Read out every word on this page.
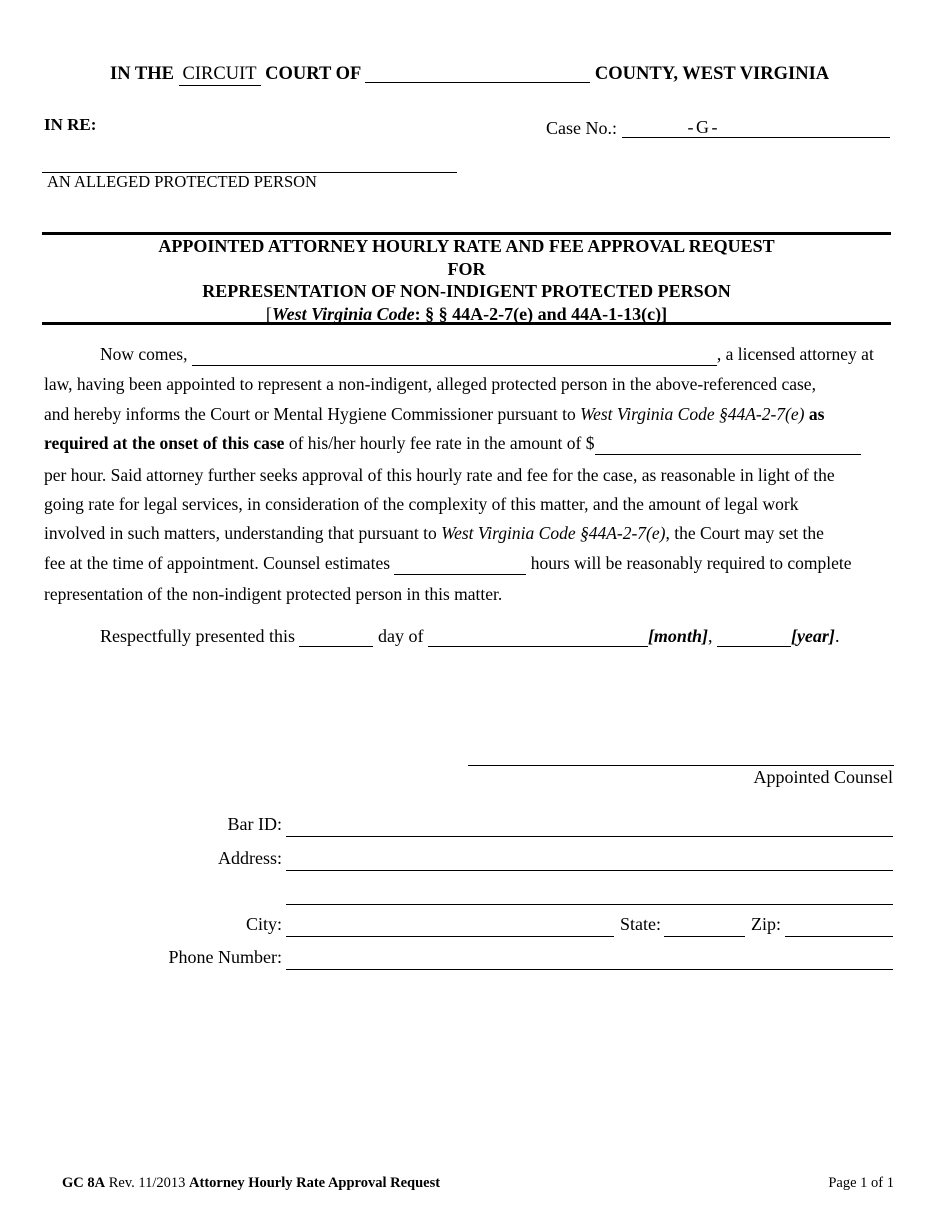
IN THE CIRCUIT COURT OF	COUNTY, WEST VIRGINIA
IN RE:	Case No.:	- G -
AN ALLEGED PROTECTED PERSON
APPOINTED ATTORNEY HOURLY RATE AND FEE APPROVAL REQUEST
FOR
REPRESENTATION OF NON-INDIGENT PROTECTED PERSON
[West Virginia Code: § § 44A-2-7(e) and 44A-1-13(c)]
Now comes,	, a licensed attorney at
law, having been appointed to represent a non-indigent, alleged protected person in the above-referenced case,
and hereby informs the Court or Mental Hygiene Commissioner pursuant to West Virginia Code §44A-2-7(e) as
required at the onset of this case of his/her hourly fee rate in the amount of $
per hour. Said attorney further seeks approval of this hourly rate and fee for the case, as reasonable in light of the
going rate for legal services, in consideration of the complexity of this matter, and the amount of legal work
involved in such matters, understanding that pursuant to West Virginia Code §44A-2-7(e), the Court may set the
fee at the time of appointment. Counsel estimates	hours will be reasonably required to complete
representation of the non-indigent protected person in this matter.
Respectfully presented this	day of	[month],	[year].
Appointed Counsel
Bar ID:
Address:
City:	State:	Zip:
Phone Number:
GC 8A Rev. 11/2013 Attorney Hourly Rate Approval Request	Page 1 of 1
